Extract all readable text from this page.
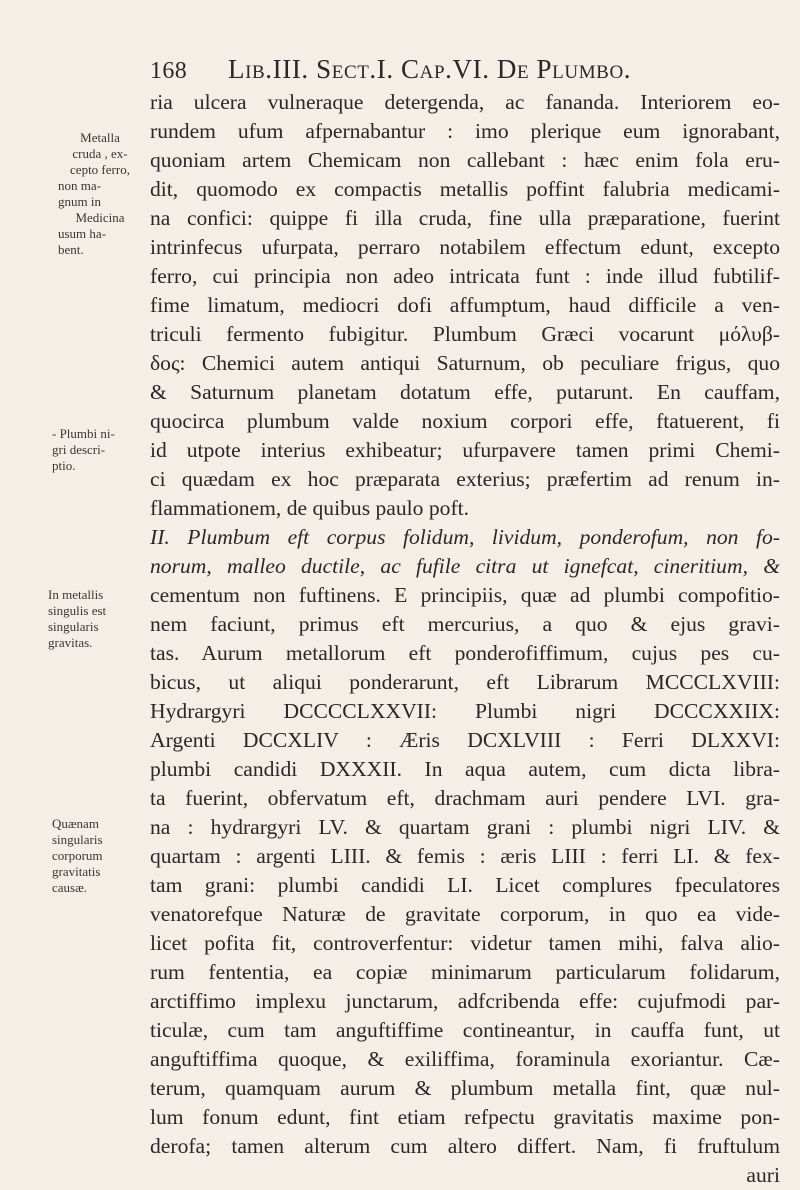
168 Lib.III. Sect.I. Cap.VI. De Plumbo.
Metalla
cruda , ex-
cepto ferro,
non ma-
gnum in
Medicina
usum ha-
bent.
- Plumbi ni-
gri descri-
ptio.
In metallis
singulis est
singularis
gravitas.
Quænam
singularis
corporum
gravitatis
causæ.
ria ulcera vulneraque detergenda, ac fananda. Interiorem eo-
rundem ufum afpernabantur : imo plerique eum ignorabant,
quoniam artem Chemicam non callebant : hæc enim fola eru-
dit, quomodo ex compactis metallis poffint falubria medicami-
na confici: quippe fi illa cruda, fine ulla præparatione, fuerint
intrinfecus ufurpata, perraro notabilem effectum edunt, excepto
ferro, cui principia non adeo intricata funt : inde illud fubtilif-
fime limatum, mediocri dofi affumptum, haud difficile a ven-
triculi fermento fubigitur. Plumbum Græci vocarunt μόλυβ-
δος: Chemici autem antiqui Saturnum, ob peculiare frigus, quo
& Saturnum planetam dotatum effe, putarunt. En cauffam,
quocirca plumbum valde noxium corpori effe, ftatuerent, fi
id utpote interius exhibeatur; ufurpavere tamen primi Chemi-
ci quædam ex hoc præparata exterius; præfertim ad renum in-
flammationem, de quibus paulo poft.
II. Plumbum eft corpus folidum, lividum, ponderofum, non fo-
norum, malleo ductile, ac fufile citra ut ignefcat, cineritium, &
cementum non fuftinens. E principiis, quæ ad plumbi compofitio-
nem faciunt, primus eft mercurius, a quo & ejus gravi-
tas. Aurum metallorum eft ponderofiffimum, cujus pes cu-
bicus, ut aliqui ponderarunt, eft Librarum MCCCLXVIII:
Hydrargyri DCCCCLXXVII: Plumbi nigri DCCCXXIIX:
Argenti DCCXLIV : Æris DCXLVIII : Ferri DLXXVI:
plumbi candidi DXXXII. In aqua autem, cum dicta libra-
ta fuerint, obfervatum eft, drachmam auri pendere LVI. gra-
na : hydrargyri LV. & quartam grani : plumbi nigri LIV. &
quartam : argenti LIII. & femis : æris LIII : ferri LI. & fex-
tam grani: plumbi candidi LI. Licet complures fpeculatores
venatorefque Naturæ de gravitate corporum, in quo ea vide-
licet pofita fit, controverfentur: videtur tamen mihi, falva alio-
rum fententia, ea copiæ minimarum particularum folidarum,
arctiffimo implexu junctarum, adfcribenda effe: cujufmodi par-
ticulæ, cum tam anguftiffime contineantur, in cauffa funt, ut
anguftiffima quoque, & exiliffima, foraminula exoriantur. Cæ-
terum, quamquam aurum & plumbum metalla fint, quæ nul-
lum fonum edunt, fint etiam refpectu gravitatis maxime pon-
derofa; tamen alterum cum altero differt. Nam, fi fruftulum
auri
